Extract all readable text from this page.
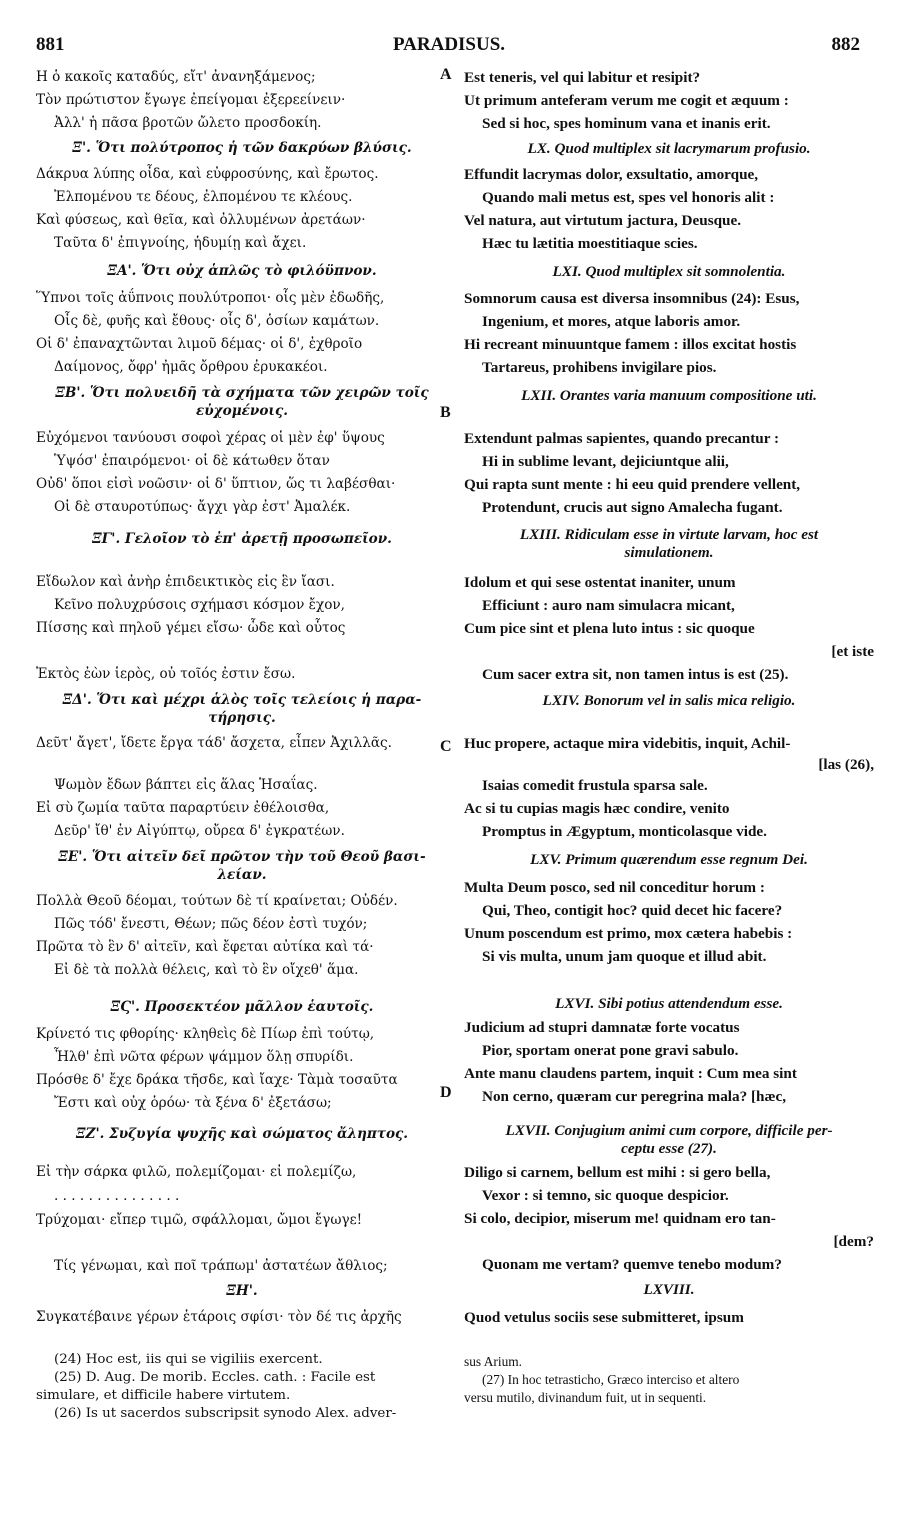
881	PARADISUS.	882
A
B
C
D
Η ὁ κακοῖς καταδύς, εἴτ' ἀνανηξάμενος;
Τὸν πρώτιστον ἔγωγε ἐπείγομαι ἐξερεείνειν·
Ἀλλ' ἡ πᾶσα βροτῶν ὤλετο προσδοκίη.
Ξ'. Ὅτι πολύτροπος ἡ τῶν δακρύων βλύσις.
Δάκρυα λύπης οἶδα, καὶ εὐφροσύνης, καὶ ἔρωτος.
Ἐλπομένου τε δέους, ἐλπομένου τε κλέους.
Καὶ φύσεως, καὶ θεῖα, καὶ ὀλλυμένων ἀρετάων·
Ταῦτα δ' ἐπιγνοίης, ἡδυμίῃ καὶ ἄχει.
ΞΑ'. Ὅτι οὐχ ἁπλῶς τὸ φιλόϋπνον.
Ὕπνοι τοῖς ἀΰπνοις πουλύτροποι· οἷς μὲν ἐδωδῆς,
Οἷς δὲ, φυῆς καὶ ἔθους· οἷς δ', ὁσίων καμάτων.
Οἱ δ' ἐπαναχτῶνται λιμοῦ δέμας· οἱ δ', ἐχθροῖο
Δαίμονος, ὄφρ' ἠμᾶς ὄρθρου ἐρυκακέοι.
ΞΒ'. Ὅτι πολυειδῆ τὰ σχήματα τῶν χειρῶν τοῖς
εὐχομένοις.
Εὐχόμενοι τανύουσι σοφοὶ χέρας οἱ μὲν ἐφ' ὕψους
Ὑψόσ' ἐπαιρόμενοι· οἱ δὲ κάτωθεν ὅταν
Οὐδ' ὅποι εἰσὶ νοῶσιν· οἱ δ' ὕπτιον, ὥς τι λαβέσθαι·
Οἱ δὲ σταυροτύπως· ἄγχι γὰρ ἐστ' Ἀμαλέκ.
ΞΓ'. Γελοῖον τὸ ἐπ' ἀρετῇ προσωπεῖον.
Εἴδωλον καὶ ἀνὴρ ἐπιδεικτικὸς εἰς ἓν ἴασι.
Κεῖνο πολυχρύσοις σχήμασι κόσμον ἔχον,
Πίσσης καὶ πηλοῦ γέμει εἴσω· ὧδε καὶ οὗτος
Ἐκτὸς ἐὼν ἱερὸς, οὐ τοῖός ἐστιν ἔσω.
ΞΔ'. Ὅτι καὶ μέχρι ἁλὸς τοῖς τελείοις ἡ παρα-
τήρησις.
Δεῦτ' ἄγετ', ἴδετε ἔργα τάδ' ἄσχετα, εἶπεν Ἀχιλλᾶς.
Ψωμὸν ἔδων βάπτει εἰς ἅλας Ἡσαΐας.
Εἰ σὺ ζωμία ταῦτα παραρτύειν ἐθέλοισθα,
Δεῦρ' ἴθ' ἐν Αἰγύπτῳ, οὔρεα δ' ἐγκρατέων.
ΞΕ'. Ὅτι αἰτεῖν δεῖ πρῶτον τὴν τοῦ Θεοῦ βασι-
λείαν.
Πολλὰ Θεοῦ δέομαι, τούτων δὲ τί κραίνεται; Οὐδέν.
Πῶς τόδ' ἔνεστι, Θέων; πῶς δέον ἐστὶ τυχόν;
Πρῶτα τὸ ἓν δ' αἰτεῖν, καὶ ἔφεται αὐτίκα καὶ τά·
Εἰ δὲ τὰ πολλὰ θέλεις, καὶ τὸ ἓν οἴχεθ' ἅμα.
ΞϚ'. Προσεκτέον μᾶλλον ἑαυτοῖς.
Κρίνετό τις φθορίης· κληθεὶς δὲ Πίωρ ἐπὶ τούτῳ,
Ἦλθ' ἐπὶ νῶτα φέρων ψάμμον ὅλῃ σπυρίδι.
Πρόσθε δ' ἔχε δράκα τῆσδε, καὶ ἴαχε· Τὰμὰ τοσαῦτα
Ἔστι καὶ οὐχ ὁρόω· τὰ ξένα δ' ἐξετάσω;
ΞΖ'. Συζυγία ψυχῆς καὶ σώματος ἄληπτος.
Εἰ τὴν σάρκα φιλῶ, πολεμίζομαι· εἰ πολεμίζω,
. . . . . . . . . . . . . . .
Τρύχομαι· εἴπερ τιμῶ, σφάλλομαι, ὤμοι ἔγωγε!
Τίς γένωμαι, καὶ ποῖ τράπωμ' ἀστατέων ἄθλιος;
ΞΗ'.
Συγκατέβαινε γέρων ἑτάροις σφίσι· τὸν δέ τις ἀρχῆς
(24) Hoc est, iis qui se vigiliis exercent.
(25) D. Aug. De morib. Eccles. cath. : Facile est
simulare, et difficile habere virtutem.
(26) Is ut sacerdos subscripsit synodo Alex. adver-
Est teneris, vel qui labitur et resipit?
Ut primum anteferam verum me cogit et æquum :
Sed si hoc, spes hominum vana et inanis erit.
LX. Quod multiplex sit lacrymarum profusio.
Effundit lacrymas dolor, exsultatio, amorque,
Quando mali metus est, spes vel honoris alit :
Vel natura, aut virtutum jactura, Deusque.
Hæc tu lætitia moestitiaque scies.
LXI. Quod multiplex sit somnolentia.
Somnorum causa est diversa insomnibus (24): Esus,
Ingenium, et mores, atque laboris amor.
Hi recreant minuuntque famem : illos excitat hostis
Tartareus, prohibens invigilare pios.
LXII. Orantes varia manuum compositione uti.
Extendunt palmas sapientes, quando precantur :
Hi in sublime levant, dejiciuntque alii,
Qui rapta sunt mente : hi eeu quid prendere vellent,
Protendunt, crucis aut signo Amalecha fugant.
LXIII. Ridiculam esse in virtute larvam, hoc est
simulationem.
Idolum et qui sese ostentat inaniter, unum
Efficiunt : auro nam simulacra micant,
Cum pice sint et plena luto intus : sic quoque
[et iste
Cum sacer extra sit, non tamen intus is est (25).
LXIV. Bonorum vel in salis mica religio.
Huc propere, actaque mira videbitis, inquit, Achil-
[las (26),
Isaias comedit frustula sparsa sale.
Ac si tu cupias magis hæc condire, venito
Promptus in Ægyptum, monticolasque vide.
LXV. Primum quærendum esse regnum Dei.
Multa Deum posco, sed nil conceditur horum :
Qui, Theo, contigit hoc? quid decet hic facere?
Unum poscendum est primo, mox cætera habebis :
Si vis multa, unum jam quoque et illud abit.
LXVI. Sibi potius attendendum esse.
Judicium ad stupri damnatæ forte vocatus
Pior, sportam onerat pone gravi sabulo.
Ante manu claudens partem, inquit : Cum mea sint
Non cerno, quæram cur peregrina mala? [hæc,
LXVII. Conjugium animi cum corpore, difficile per-
ceptu esse (27).
Diligo si carnem, bellum est mihi : si gero bella,
Vexor : si temno, sic quoque despicior.
Si colo, decipior, miserum me! quidnam ero tan-
[dem?
Quonam me vertam? quemve tenebo modum?
LXVIII.
Quod vetulus sociis sese submitteret, ipsum
sus Arium.
(27) In hoc tetrastichο, Græco interciso et altero
versu mutilo, divinandum fuit, ut in sequenti.
